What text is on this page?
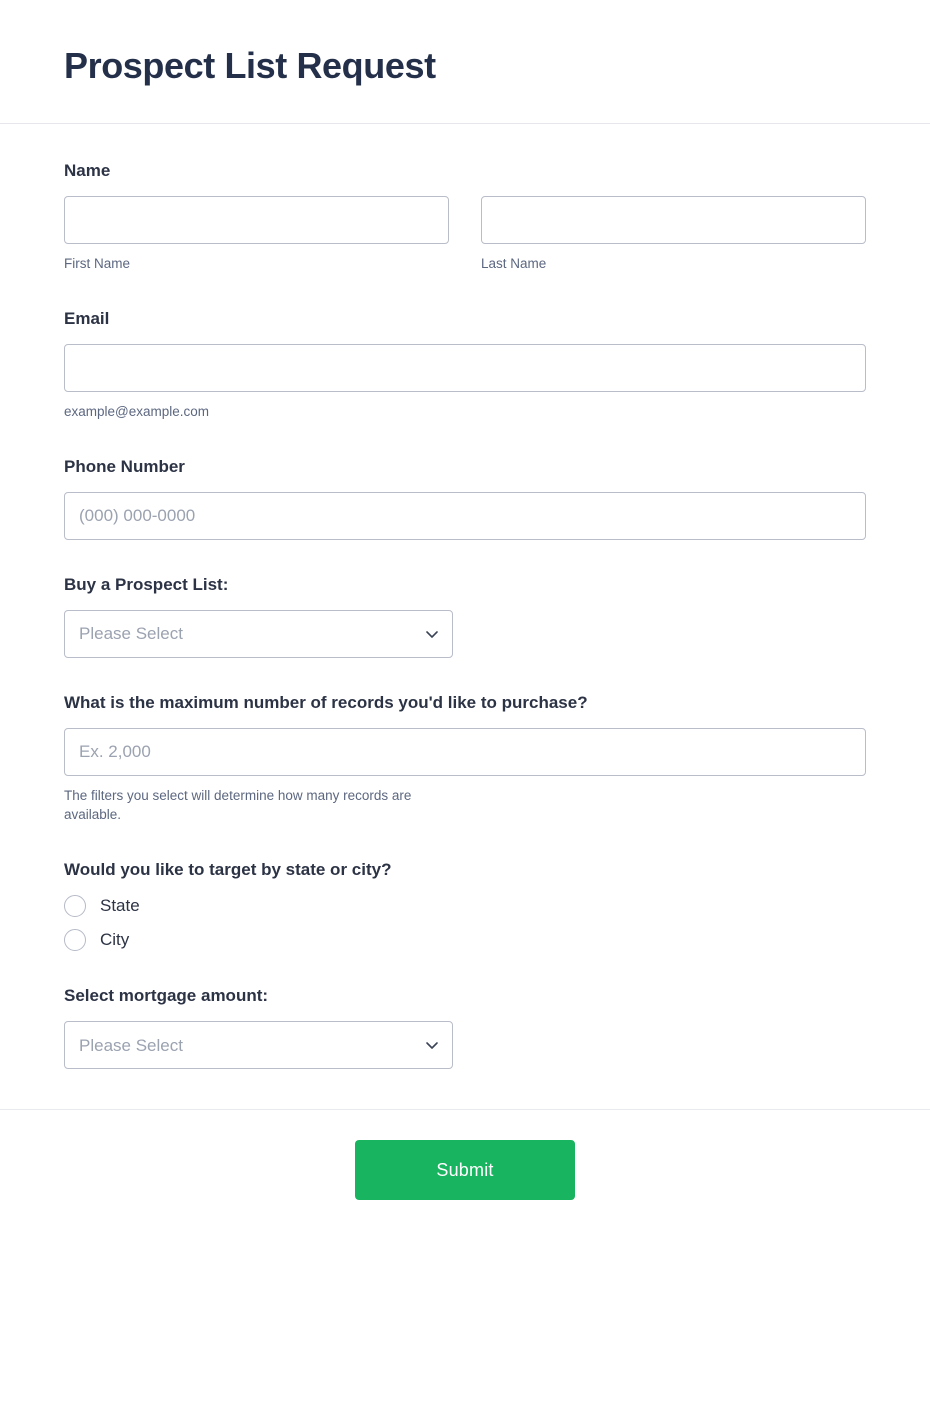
Prospect List Request
Name
First Name	Last Name
Email
example@example.com
Phone Number
(000) 000-0000
Buy a Prospect List:
Please Select
What is the maximum number of records you'd like to purchase?
Ex. 2,000
The filters you select will determine how many records are available.
Would you like to target by state or city?
State
City
Select mortgage amount:
Please Select
Submit
